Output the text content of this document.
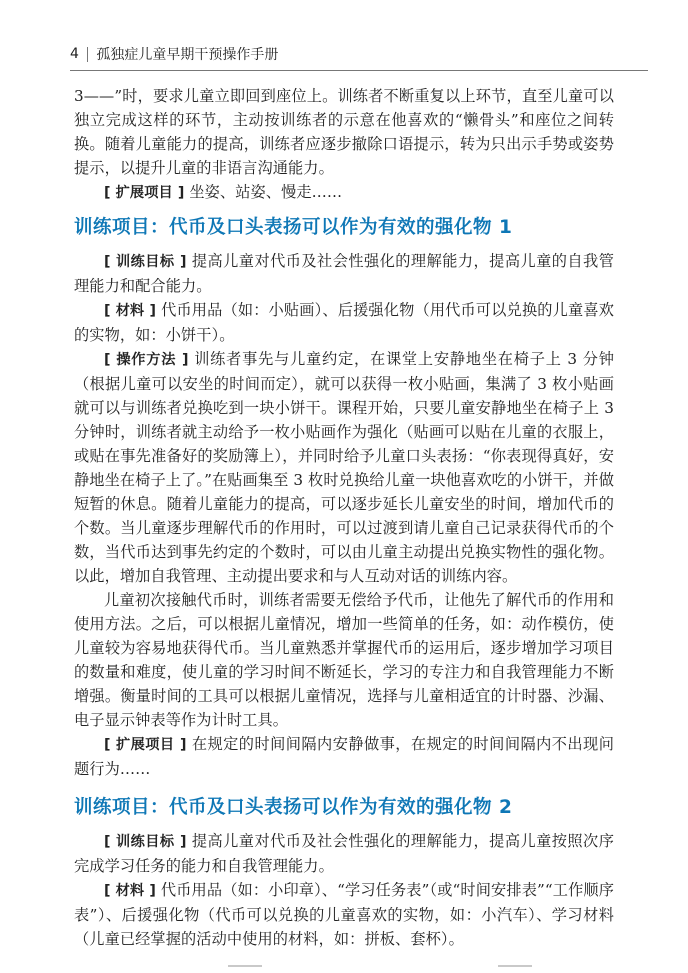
4 孤独症儿童早期干预操作手册

3——”时，要求儿童立即回到座位上。训练者不断重复以上环节，直至儿童可以独立完成这样的环节，主动按训练者的示意在他喜欢的“懒骨头”和座位之间转换。随着儿童能力的提高，训练者应逐步撤除口语提示，转为只出示手势或姿势提示，以提升儿童的非语言沟通能力。

[ 扩展项目 ] 坐姿、站姿、慢走……

训练项目：代币及口头表扬可以作为有效的强化物 1

[ 训练目标 ] 提高儿童对代币及社会性强化的理解能力，提高儿童的自我管理能力和配合能力。

[ 材料 ] 代币用品（如：小贴画）、后援强化物（用代币可以兑换的儿童喜欢的实物，如：小饼干）。

[ 操作方法 ] 训练者事先与儿童约定，在课堂上安静地坐在椅子上 3 分钟（根据儿童可以安坐的时间而定），就可以获得一枚小贴画，集满了 3 枚小贴画就可以与训练者兑换吃到一块小饼干。课程开始，只要儿童安静地坐在椅子上 3 分钟时，训练者就主动给予一枚小贴画作为强化（贴画可以贴在儿童的衣服上，或贴在事先准备好的奖励簿上），并同时给予儿童口头表扬：“你表现得真好，安静地坐在椅子上了。”在贴画集至 3 枚时兑换给儿童一块他喜欢吃的小饼干，并做短暂的休息。随着儿童能力的提高，可以逐步延长儿童安坐的时间，增加代币的个数。当儿童逐步理解代币的作用时，可以过渡到请儿童自己记录获得代币的个数，当代币达到事先约定的个数时，可以由儿童主动提出兑换实物性的强化物。以此，增加自我管理、主动提出要求和与人互动对话的训练内容。

儿童初次接触代币时，训练者需要无偿给予代币，让他先了解代币的作用和使用方法。之后，可以根据儿童情况，增加一些简单的任务，如：动作模仿，使儿童较为容易地获得代币。当儿童熟悉并掌握代币的运用后，逐步增加学习项目的数量和难度，使儿童的学习时间不断延长，学习的专注力和自我管理能力不断增强。衡量时间的工具可以根据儿童情况，选择与儿童相适宜的计时器、沙漏、电子显示钟表等作为计时工具。

[ 扩展项目 ] 在规定的时间间隔内安静做事，在规定的时间间隔内不出现问题行为……

训练项目：代币及口头表扬可以作为有效的强化物 2

[ 训练目标 ] 提高儿童对代币及社会性强化的理解能力，提高儿童按照次序完成学习任务的能力和自我管理能力。

[ 材料 ] 代币用品（如：小印章）、“学习任务表”（或“时间安排表”“工作顺序表”）、后援强化物（代币可以兑换的儿童喜欢的实物，如：小汽车）、学习材料（儿童已经掌握的活动中使用的材料，如：拼板、套杯）。
